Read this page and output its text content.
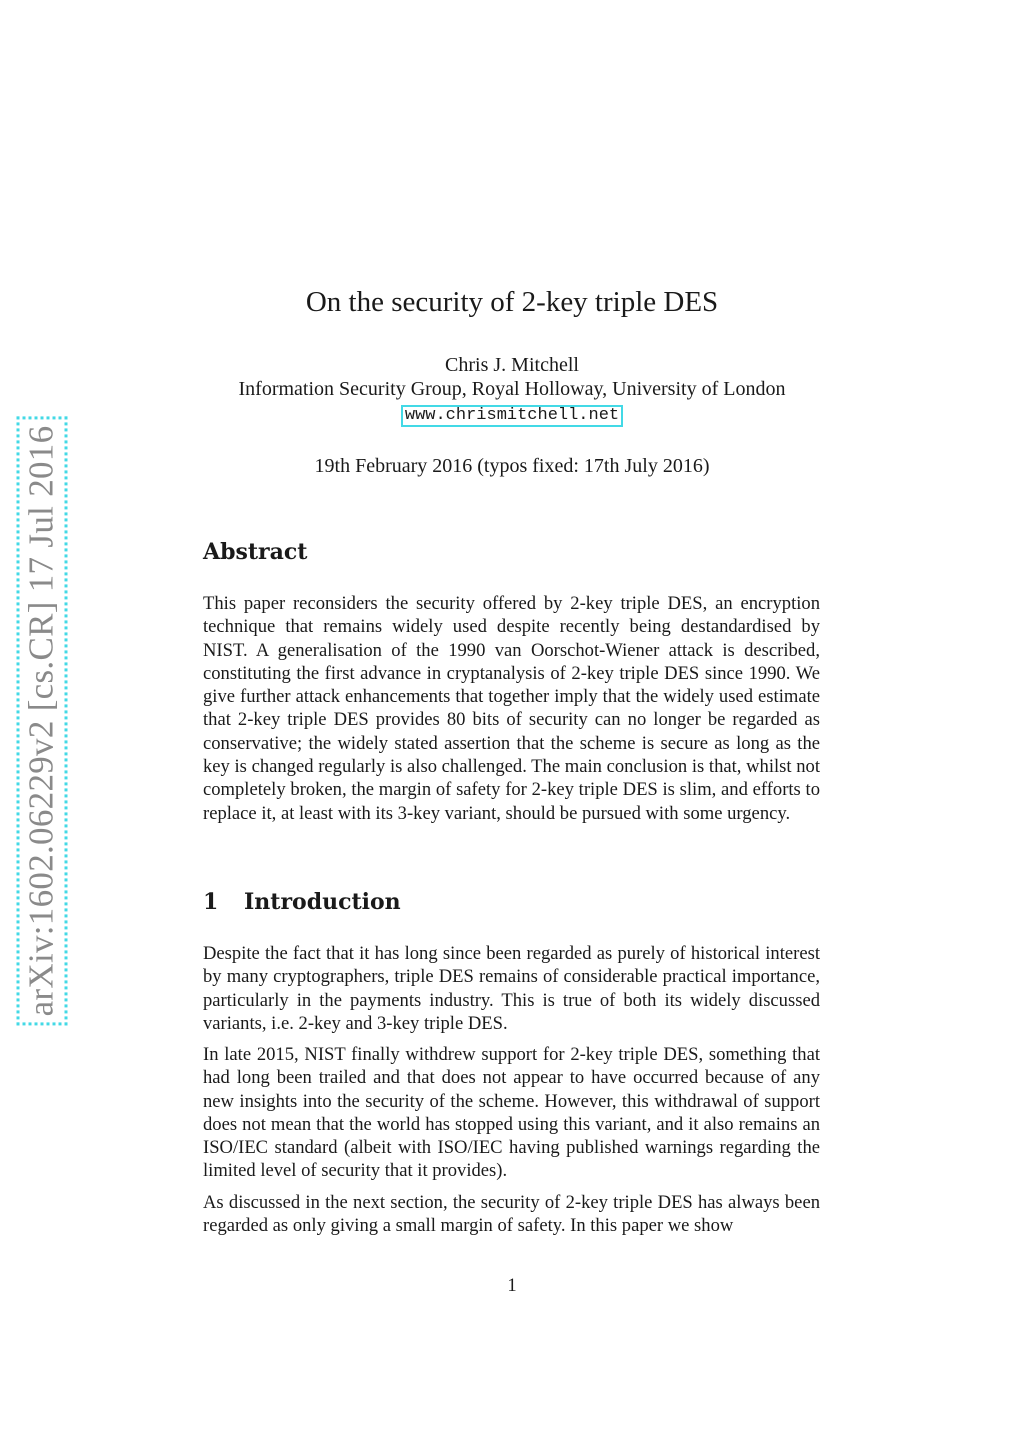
arXiv:1602.06229v2 [cs.CR] 17 Jul 2016
On the security of 2-key triple DES
Chris J. Mitchell
Information Security Group, Royal Holloway, University of London
www.chrismitchell.net
19th February 2016 (typos fixed: 17th July 2016)
Abstract
This paper reconsiders the security offered by 2-key triple DES, an encryption technique that remains widely used despite recently being destandardised by NIST. A generalisation of the 1990 van Oorschot-Wiener attack is described, constituting the first advance in cryptanalysis of 2-key triple DES since 1990. We give further attack enhancements that together imply that the widely used estimate that 2-key triple DES provides 80 bits of security can no longer be regarded as conservative; the widely stated assertion that the scheme is secure as long as the key is changed regularly is also challenged. The main conclusion is that, whilst not completely broken, the margin of safety for 2-key triple DES is slim, and efforts to replace it, at least with its 3-key variant, should be pursued with some urgency.
1 Introduction
Despite the fact that it has long since been regarded as purely of historical interest by many cryptographers, triple DES remains of considerable practical importance, particularly in the payments industry. This is true of both its widely discussed variants, i.e. 2-key and 3-key triple DES.
In late 2015, NIST finally withdrew support for 2-key triple DES, something that had long been trailed and that does not appear to have occurred because of any new insights into the security of the scheme. However, this withdrawal of support does not mean that the world has stopped using this variant, and it also remains an ISO/IEC standard (albeit with ISO/IEC having published warnings regarding the limited level of security that it provides).
As discussed in the next section, the security of 2-key triple DES has always been regarded as only giving a small margin of safety. In this paper we show
1
